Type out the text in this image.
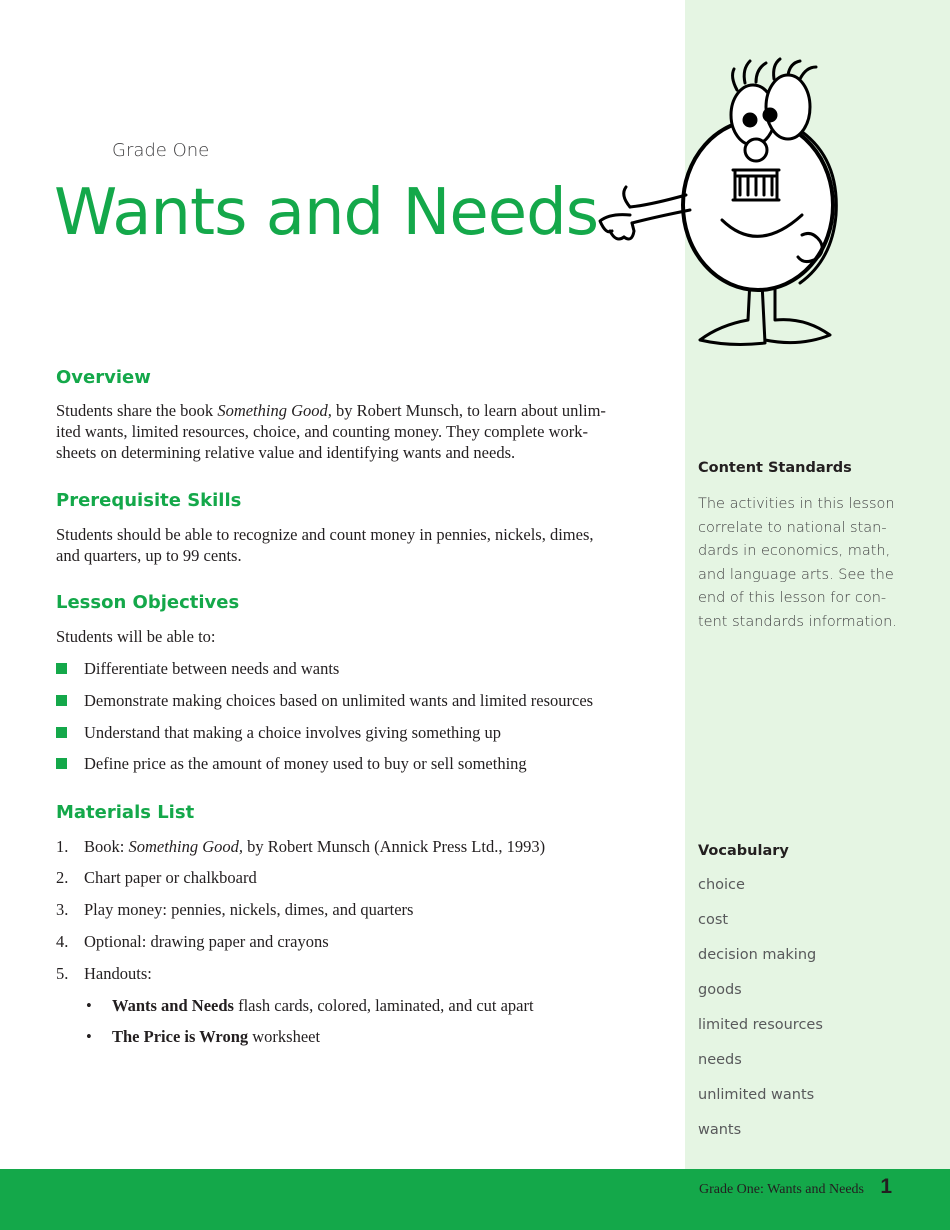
Grade One
Wants and Needs
Overview
Students share the book Something Good, by Robert Munsch, to learn about unlim-
ited wants, limited resources, choice, and counting money. They complete work-
sheets on determining relative value and identifying wants and needs.
Prerequisite Skills
Students should be able to recognize and count money in pennies, nickels, dimes,
and quarters, up to 99 cents.
Lesson Objectives
Students will be able to:
Differentiate between needs and wants
Demonstrate making choices based on unlimited wants and limited resources
Understand that making a choice involves giving something up
Define price as the amount of money used to buy or sell something
Materials List
1. Book: Something Good, by Robert Munsch (Annick Press Ltd., 1993)
2. Chart paper or chalkboard
3. Play money: pennies, nickels, dimes, and quarters
4. Optional: drawing paper and crayons
5. Handouts:
• Wants and Needs flash cards, colored, laminated, and cut apart
• The Price is Wrong worksheet
Content Standards
The activities in this lesson
correlate to national stan-
dards in economics, math,
and language arts. See the
end of this lesson for con-
tent standards information.
Vocabulary
choice
cost
decision making
goods
limited resources
needs
unlimited wants
wants
Grade One: Wants and Needs 1
